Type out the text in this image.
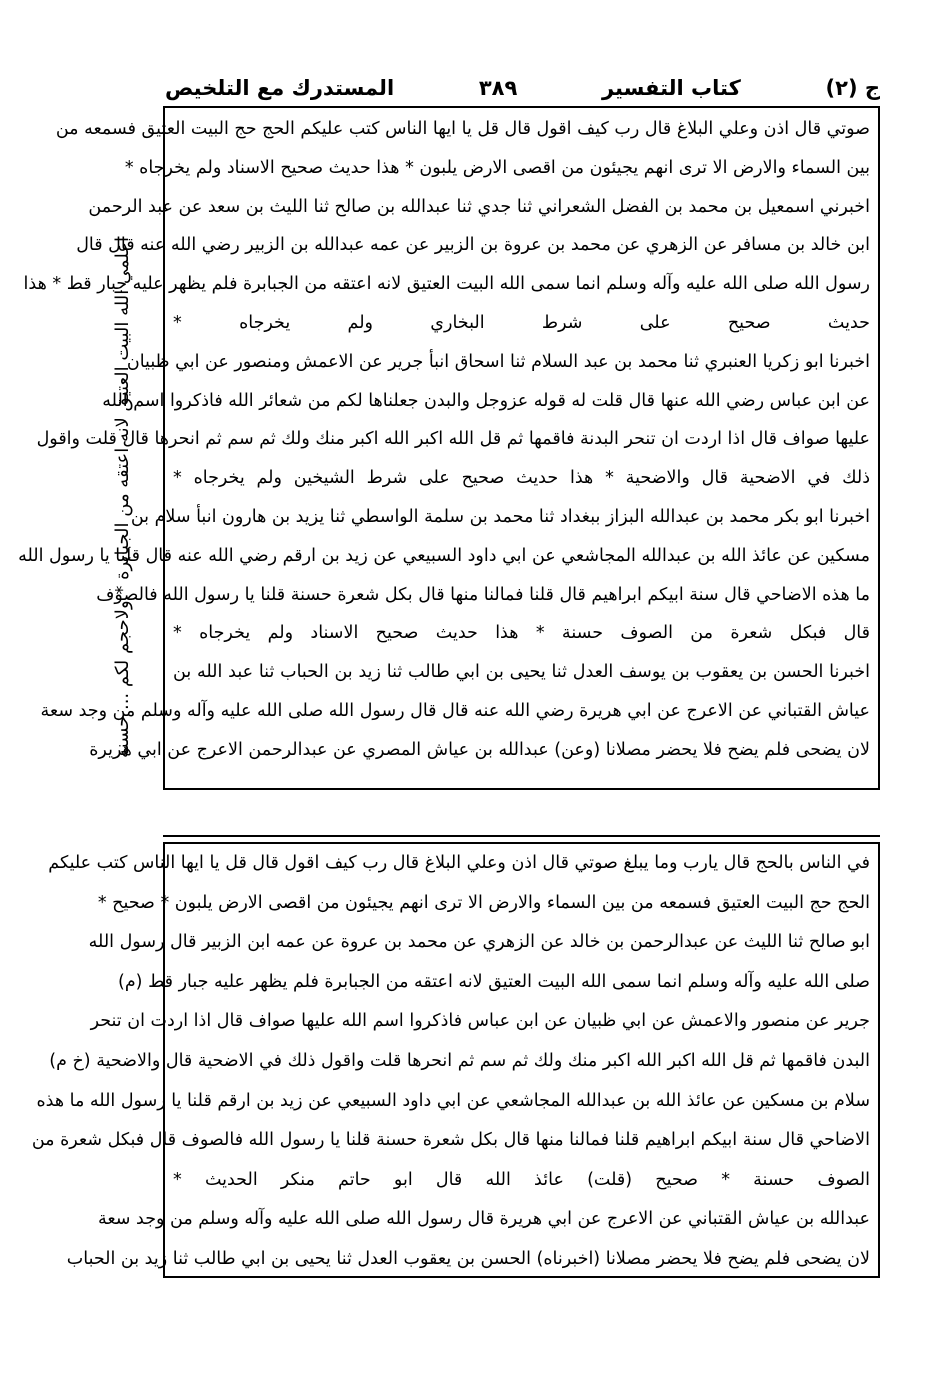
المستدرك مع التلخيص	٣٨٩	كتاب التفسير	ج (٢)
صوتي قال اذن وعلي البلاغ قال رب كيف اقول قال قل يا ايها الناس كتب عليكم الحج حج البيت العتيق فسمعه من
بين السماء والارض الا ترى انهم يجيئون من اقصى الارض يلبون * هذا حديث صحيح الاسناد ولم يخرجاه *
اخبرني اسمعيل بن محمد بن الفضل الشعراني ثنا جدي ثنا عبدالله بن صالح ثنا الليث بن سعد عن عبد الرحمن
ابن خالد بن مسافر عن الزهري عن محمد بن عروة بن الزبير عن عمه عبدالله بن الزبير رضي الله عنه قال قال
رسول الله صلى الله عليه وآله وسلم انما سمى الله البيت العتيق لانه اعتقه من الجبابرة فلم يظهر عليه جبار قط * هذا
حديث صحيح على شرط البخاري ولم يخرجاه *
اخبرنا ابو زكريا العنبري ثنا محمد بن عبد السلام ثنا اسحاق انبأ جرير عن الاعمش ومنصور عن ابي ظبيان
عن ابن عباس رضي الله عنها قال قلت له قوله عزوجل والبدن جعلناها لكم من شعائر الله فاذكروا اسم الله
عليها صواف قال اذا اردت ان تنحر البدنة فاقمها ثم قل الله اكبر الله اكبر منك ولك ثم سم ثم انحرها قال قلت واقول
ذلك في الاضحية قال والاضحية * هذا حديث صحيح على شرط الشيخين ولم يخرجاه *
اخبرنا ابو بكر محمد بن عبدالله البزاز ببغداد ثنا محمد بن سلمة الواسطي ثنا يزيد بن هارون انبأ سلام بن
مسكين عن عائذ الله بن عبدالله المجاشعي عن ابي داود السبيعي عن زيد بن ارقم رضي الله عنه قال قلنا يا رسول الله
ما هذه الاضاحي قال سنة ابيكم ابراهيم قال قلنا فمالنا منها قال بكل شعرة حسنة قلنا يا رسول الله فالصوف
قال فبكل شعرة من الصوف حسنة * هذا حديث صحيح الاسناد ولم يخرجاه *
اخبرنا الحسن بن يعقوب بن يوسف العدل ثنا يحيى بن ابي طالب ثنا زيد بن الحباب ثنا عبد الله بن
عياش القتباني عن الاعرج عن ابي هريرة رضي الله عنه قال قال رسول الله صلى الله عليه وآله وسلم من وجد سعة
لان يضحى فلم يضح فلا يحضر مصلانا (وعن) عبدالله بن عياش المصري عن عبدالرحمن الاعرج عن ابي هريرة
اعلمي الله البيت العتيق لانه اعتقه من الجبابرة * ولاحجم لكم ... حسنة
في الناس بالحج قال يارب وما يبلغ صوتي قال اذن وعلي البلاغ قال رب كيف اقول قال قل يا ايها الناس كتب عليكم
الحج حج البيت العتيق فسمعه من بين السماء والارض الا ترى انهم يجيئون من اقصى الارض يلبون * صحيح *
ابو صالح ثنا الليث عن عبدالرحمن بن خالد عن الزهري عن محمد بن عروة عن عمه ابن الزبير قال رسول الله
صلى الله عليه وآله وسلم انما سمى الله البيت العتيق لانه اعتقه من الجبابرة فلم يظهر عليه جبار قط (م)
جرير عن منصور والاعمش عن ابي ظبيان عن ابن عباس فاذكروا اسم الله عليها صواف قال اذا اردت ان تنحر
البدن فاقمها ثم قل الله اكبر الله اكبر منك ولك ثم سم ثم انحرها قلت واقول ذلك في الاضحية قال والاضحية (خ م)
سلام بن مسكين عن عائذ الله بن عبدالله المجاشعي عن ابي داود السبيعي عن زيد بن ارقم قلنا يا رسول الله ما هذه
الاضاحي قال سنة ابيكم ابراهيم قلنا فمالنا منها قال بكل شعرة حسنة قلنا يا رسول الله فالصوف قال فبكل شعرة من
الصوف حسنة * صحيح (قلت) عائذ الله قال ابو حاتم منكر الحديث *
عبدالله بن عياش القتباني عن الاعرج عن ابي هريرة قال رسول الله صلى الله عليه وآله وسلم من وجد سعة
لان يضحى فلم يضح فلا يحضر مصلانا (اخبرناه) الحسن بن يعقوب العدل ثنا يحيى بن ابي طالب ثنا زيد بن الحباب
